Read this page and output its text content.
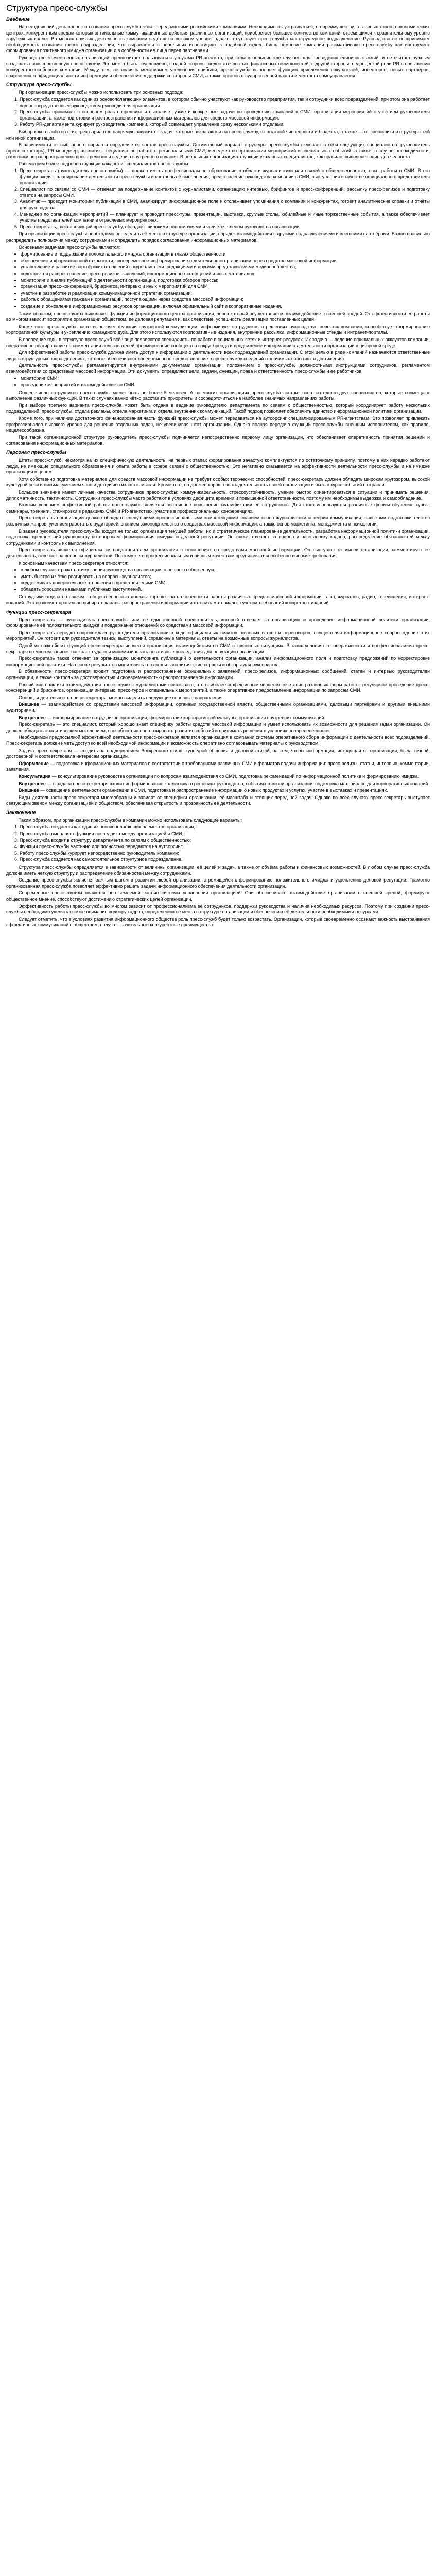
Структура пресс-службы
Введение

На сегодняшний день вопрос о создании пресс-службы стоит перед многими российскими компаниями. Необходимость устраиваться, по преимуществу, в главных торгово-экономических центрах, конкурентным средам которых оптимальные коммуникационные действия различных организаций, приобретает большее количество компаний, стремящихся к сравнительному уровню зарубежных коллег. Во многих случаях деятельность компании ведётся на высоком уровне, однако отсутствует пресс-служба как структурное подразделение. Руководство не воспринимает необходимость создания такого подразделения, что выражается в небольших инвестициях в подобный отдел. Лишь немногие компании рассматривают пресс-службу как инструмент формирования позитивного имиджа организации и в особенности ее лица перед партнерами.

Руководство отечественных организаций предпочитает пользоваться услугами PR-агентств, при этом в большинстве случаев для проведения единичных акций, и не считает нужным создавать свою собственную пресс-службу. Это может быть обусловлено, с одной стороны, недостаточностью финансовых возможностей, с другой стороны, недооценкой роли PR в повышении конкурентоспособности компании. Между тем, не являясь механизмом увеличения прибыли, пресс-служба выполняет функцию привлечения покупателей, инвесторов, новых партнеров, сохранения конфиденциальности информации и обеспечения поддержки со стороны СМИ, а также органов государственной власти и местного самоуправления.

Структура пресс-службы

При организации пресс-службы можно использовать три основных подхода:

1. Пресс-служба создается как один из основополагающих элементов, в котором обычно участвуют как руководство предприятия, так и сотрудники всех подразделений; при этом она работает под непосредственным руководством руководителя организации.
2. Пресс-служба принимает в основном роль посредника и выполняет узкие и конкретные задачи по проведению кампаний в СМИ, организации мероприятий с участием руководителя организации, а также подготовки и распространения информационных материалов для средств массовой информации.
3. Работу PR-департамента курирует руководитель компании, который совмещает управление сразу несколькими отделами.

Выбор какого-либо из этих трех вариантов напрямую зависит от задач, которые возлагаются на пресс-службу, от штатной численности и бюджета, а также — от специфики и структуры той или иной организации.

В зависимости от выбранного варианта определяется состав пресс-службы. Оптимальный вариант структуры пресс-службы включает в себя следующих специалистов: руководитель (пресс-секретарь), PR-менеджер, аналитик, специалист по работе с региональными СМИ, менеджер по организации мероприятий и специальных событий, а также, в случае необходимости, работники по распространению пресс-релизов и ведению внутреннего издания. В небольших организациях функции указанных специалистов, как правило, выполняет один-два человека.

Рассмотрим более подробно функции каждого из специалистов пресс-службы:

1. Пресс-секретарь (руководитель пресс-службы) — должен иметь профессиональное образование в области журналистики или связей с общественностью, опыт работы в СМИ. В его функции входят: планирование деятельности пресс-службы и контроль её выполнения, представление руководства компании в СМИ, выступления в качестве официального представителя организации.
2. Специалист по связям со СМИ — отвечает за поддержание контактов с журналистами, организацию интервью, брифингов и пресс-конференций, рассылку пресс-релизов и подготовку ответов на запросы СМИ.
3. Аналитик — проводит мониторинг публикаций в СМИ, анализирует информационное поле и отслеживает упоминания о компании и конкурентах, готовит аналитические справки и отчёты для руководства.
4. Менеджер по организации мероприятий — планирует и проводит пресс-туры, презентации, выставки, круглые столы, юбилейные и иные торжественные события, а также обеспечивает участие представителей компании в отраслевых мероприятиях.
5. Пресс-секретарь, возглавляющий пресс-службу, обладает широкими полномочиями и является членом руководства организации.

При организации пресс-службы необходимо определить её место в структуре организации, порядок взаимодействия с другими подразделениями и внешними партнёрами. Важно правильно распределить полномочия между сотрудниками и определить порядок согласования информационных материалов.

Основными задачами пресс-службы являются:

• формирование и поддержание положительного имиджа организации в глазах общественности;
• обеспечение информационной открытости, своевременное информирование о деятельности организации через средства массовой информации;
• установление и развитие партнёрских отношений с журналистами, редакциями и другими представителями медиасообщества;
• подготовка и распространение пресс-релизов, заявлений, информационных сообщений и иных материалов;
• мониторинг и анализ публикаций о деятельности организации, подготовка обзоров прессы;
• организация пресс-конференций, брифингов, интервью и иных мероприятий для СМИ;
• участие в разработке и реализации коммуникационной стратегии организации;
• работа с обращениями граждан и организаций, поступающими через средства массовой информации;
• создание и обновление информационных ресурсов организации, включая официальный сайт и корпоративные издания.

Таким образом, пресс-служба выполняет функции информационного центра организации, через который осуществляется взаимодействие с внешней средой. От эффективности её работы во многом зависит восприятие организации обществом, её деловая репутация и, как следствие, успешность реализации поставленных целей.

Кроме того, пресс-служба часто выполняет функции внутренней коммуникации: информирует сотрудников о решениях руководства, новостях компании, способствует формированию корпоративной культуры и укреплению командного духа. Для этого используются корпоративные издания, внутренние рассылки, информационные стенды и интранет-порталы.

В последние годы в структуре пресс-служб всё чаще появляются специалисты по работе в социальных сетях и интернет-ресурсах. Их задача — ведение официальных аккаунтов компании, оперативное реагирование на комментарии пользователей, формирование сообщества вокруг бренда и продвижение информации о деятельности организации в цифровой среде.

Для эффективной работы пресс-служба должна иметь доступ к информации о деятельности всех подразделений организации. С этой целью в ряде компаний назначаются ответственные лица в структурных подразделениях, которые обеспечивают своевременное предоставление в пресс-службу сведений о значимых событиях и достижениях.

Деятельность пресс-службы регламентируется внутренними документами организации: положением о пресс-службе, должностными инструкциями сотрудников, регламентом взаимодействия со средствами массовой информации. Эти документы определяют цели, задачи, функции, права и ответственность пресс-службы и её работников.

• мониторинг СМИ;
• проведение мероприятий и взаимодействие со СМИ.

Общее число сотрудников пресс-службы может быть не более 5 человек. А во многих организациях пресс-служба состоит всего из одного-двух специалистов, которые совмещают выполнение различных функций. В таких случаях важно чётко расставить приоритеты и сосредоточиться на наиболее значимых направлениях работы.

При выборе третьего варианта пресс-служба может быть отдана в ведение руководителю департамента по связям с общественностью, который координирует работу нескольких подразделений: пресс-службы, отдела рекламы, отдела маркетинга и отдела внутренних коммуникаций. Такой подход позволяет обеспечить единство информационной политики организации.

Кроме того, при наличии достаточного финансирования часть функций пресс-службы может передаваться на аутсорсинг специализированным PR-агентствам. Это позволяет привлекать профессионалов высокого уровня для решения отдельных задач, не увеличивая штат организации. Однако полная передача функций пресс-службы внешним исполнителям, как правило, нецелесообразна.

При такой организационной структуре руководитель пресс-службы подчиняется непосредственно первому лицу организации, что обеспечивает оперативность принятия решений и согласования информационных материалов.

Персонал пресс-службы

Штаты пресс-служб, несмотря на их специфическую деятельность, на первых этапах формирования зачастую комплектуются по остаточному принципу, поэтому в них нередко работают люди, не имеющие специального образования и опыта работы в сфере связей с общественностью. Это негативно сказывается на эффективности деятельности пресс-службы и на имидже организации в целом.

Хотя собственно подготовка материалов для средств массовой информации не требует особых творческих способностей, пресс-секретарь должен обладать широким кругозором, высокой культурой речи и письма, умением ясно и доходчиво излагать мысли. Кроме того, он должен хорошо знать деятельность своей организации и быть в курсе событий в отрасли.

Большое значение имеют личные качества сотрудников пресс-службы: коммуникабельность, стрессоустойчивость, умение быстро ориентироваться в ситуации и принимать решения, дипломатичность, тактичность. Сотрудники пресс-службы часто работают в условиях дефицита времени и повышенной ответственности, поэтому им необходимы выдержка и самообладание.

Важным условием эффективной работы пресс-службы является постоянное повышение квалификации её сотрудников. Для этого используются различные формы обучения: курсы, семинары, тренинги, стажировки в редакциях СМИ и PR-агентствах, участие в профессиональных конференциях.

Пресс-секретарь организации должен обладать следующими профессиональными компетенциями: знанием основ журналистики и теории коммуникации, навыками подготовки текстов различных жанров, умением работать с аудиторией, знанием законодательства о средствах массовой информации, а также основ маркетинга, менеджмента и психологии.

В задачи руководителя пресс-службы входит не только организация текущей работы, но и стратегическое планирование деятельности, разработка информационной политики организации, подготовка предложений руководству по вопросам формирования имиджа и деловой репутации. Он также отвечает за подбор и расстановку кадров, распределение обязанностей между сотрудниками и контроль их выполнения.

Пресс-секретарь является официальным представителем организации в отношениях со средствами массовой информации. Он выступает от имени организации, комментирует её деятельность, отвечает на вопросы журналистов. Поэтому к его профессиональным и личным качествам предъявляются особенно высокие требования.

К основным качествам пресс-секретаря относятся:

• в любом случае отражать точку зрения руководства организации, а не свою собственную;
• уметь быстро и чётко реагировать на вопросы журналистов;
• поддерживать доверительные отношения с представителями СМИ;
• обладать хорошими навыками публичных выступлений.

Сотрудники отдела по связям с общественностью должны хорошо знать особенности работы различных средств массовой информации: газет, журналов, радио, телевидения, интернет-изданий. Это позволяет правильно выбирать каналы распространения информации и готовить материалы с учётом требований конкретных изданий.

Функции пресс-секретаря

Пресс-секретарь — руководитель пресс-службы или её единственный представитель, который отвечает за организацию и проведение информационной политики организации, формирование её положительного имиджа и поддержание отношений со средствами массовой информации.

Пресс-секретарь нередко сопровождает руководителя организации в ходе официальных визитов, деловых встреч и переговоров, осуществляя информационное сопровождение этих мероприятий. Он готовит для руководителя тезисы выступлений, справочные материалы, ответы на возможные вопросы журналистов.

Одной из важнейших функций пресс-секретаря является организация взаимодействия со СМИ в кризисных ситуациях. В таких условиях от оперативности и профессионализма пресс-секретаря во многом зависит, насколько удастся минимизировать негативные последствия для репутации организации.

Пресс-секретарь также отвечает за организацию мониторинга публикаций о деятельности организации, анализ информационного поля и подготовку предложений по корректировке информационной политики. На основе результатов мониторинга он готовит аналитические справки и обзоры для руководства.

В обязанности пресс-секретаря входит подготовка и распространение официальных заявлений, пресс-релизов, информационных сообщений, статей и интервью руководителей организации, а также контроль за достоверностью и своевременностью распространяемой информации.

Российские практики взаимодействия пресс-служб с журналистами показывают, что наиболее эффективным является сочетание различных форм работы: регулярное проведение пресс-конференций и брифингов, организация интервью, пресс-туров и специальных мероприятий, а также оперативное предоставление информации по запросам СМИ.

Обобщая деятельность пресс-секретаря, можно выделить следующие основные направления:

Внешнее — взаимодействие со средствами массовой информации, органами государственной власти, общественными организациями, деловыми партнёрами и другими внешними аудиториями.

Внутреннее — информирование сотрудников организации, формирование корпоративной культуры, организация внутренних коммуникаций.

Пресс-секретарь — это специалист, который хорошо знает специфику работы средств массовой информации и умеет использовать их возможности для решения задач организации. Он должен обладать аналитическим мышлением, способностью прогнозировать развитие событий и принимать решения в условиях неопределённости.

Необходимой предпосылкой эффективной деятельности пресс-секретаря является организация в компании системы оперативного сбора информации о деятельности всех подразделений. Пресс-секретарь должен иметь доступ ко всей необходимой информации и возможность оперативно согласовывать материалы с руководством.

Задача пресс-секретаря — следить за поддержанием Воскресного стиля, культурой общения и деловой этикой, за тем, чтобы информация, исходящая от организации, была точной, достоверной и соответствовала интересам организации.

Оформление — подготовка информационных материалов в соответствии с требованиями различных СМИ и форматов подачи информации: пресс-релизы, статьи, интервью, комментарии, заявления.

Консультация — консультирование руководства организации по вопросам взаимодействия со СМИ, подготовка рекомендаций по информационной политике и формированию имиджа.

Внутреннее — в задачи пресс-секретаря входит информирование коллектива о решениях руководства, событиях в жизни организации, подготовка материалов для корпоративных изданий.

Внешнее — освещение деятельности организации в СМИ, подготовка и распространение информации о новых продуктах и услугах, участие в выставках и презентациях.

Виды деятельности пресс-секретаря многообразны и зависят от специфики организации, её масштаба и стоящих перед ней задач. Однако во всех случаях пресс-секретарь выступает связующим звеном между организацией и обществом, обеспечивая открытость и прозрачность её деятельности.

Заключение

Таким образом, при организации пресс-службы в компании можно использовать следующие варианты:

1. Пресс-служба создается как один из основополагающих элементов организации;
2. Пресс-служба выполняет функции посредника между организацией и СМИ;
3. Пресс-служба входит в структуру департамента по связям с общественностью;
4. Функции пресс-службы частично или полностью передаются на аутсорсинг;
5. Работу пресс-службы курирует непосредственно руководитель компании;
6. Пресс-служба создаётся как самостоятельное структурное подразделение.

Структура пресс-службы определяется в зависимости от величины организации, её целей и задач, а также от объёма работы и финансовых возможностей. В любом случае пресс-служба должна иметь чёткую структуру и распределение обязанностей между сотрудниками.

Создание пресс-службы является важным шагом в развитии любой организации, стремящейся к формированию положительного имиджа и укреплению деловой репутации. Грамотно организованная пресс-служба позволяет эффективно решать задачи информационного обеспечения деятельности организации.

Современные пресс-службы являются неотъемлемой частью системы управления организацией. Они обеспечивают взаимодействие организации с внешней средой, формируют общественное мнение, способствуют достижению стратегических целей организации.

Эффективность работы пресс-службы во многом зависит от профессионализма её сотрудников, поддержки руководства и наличия необходимых ресурсов. Поэтому при создании пресс-службы необходимо уделять особое внимание подбору кадров, определению её места в структуре организации и обеспечению её деятельности необходимыми ресурсами.

Следует отметить, что в условиях развития информационного общества роль пресс-служб будет только возрастать. Организации, которые своевременно осознают важность выстраивания эффективных коммуникаций с обществом, получат значительные конкурентные преимущества.
